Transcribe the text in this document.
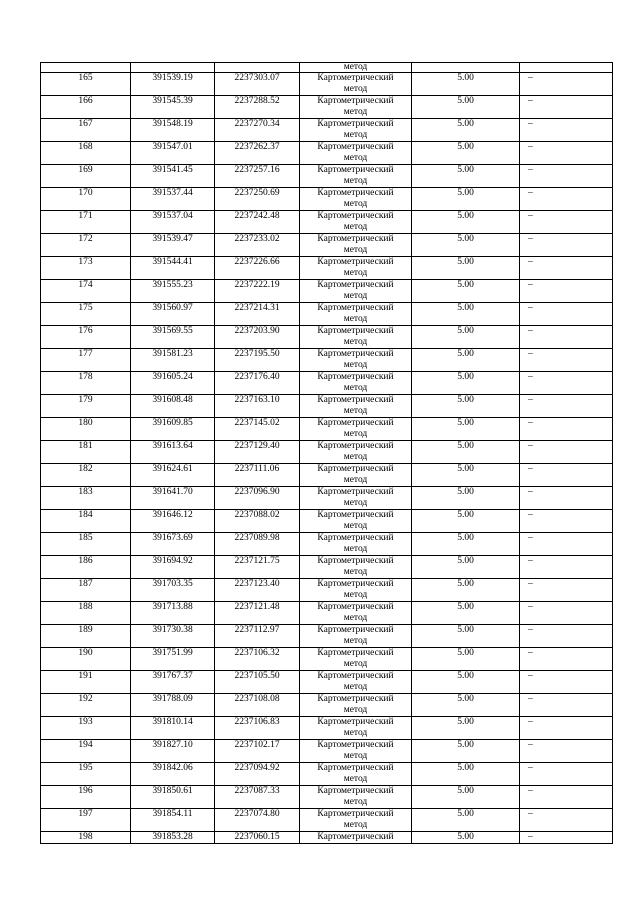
			метод		
165	391539.19	2237303.07	Картометрический
метод	5.00	–
166	391545.39	2237288.52	Картометрический
метод	5.00	–
167	391548.19	2237270.34	Картометрический
метод	5.00	–
168	391547.01	2237262.37	Картометрический
метод	5.00	–
169	391541.45	2237257.16	Картометрический
метод	5.00	–
170	391537.44	2237250.69	Картометрический
метод	5.00	–
171	391537.04	2237242.48	Картометрический
метод	5.00	–
172	391539.47	2237233.02	Картометрический
метод	5.00	–
173	391544.41	2237226.66	Картометрический
метод	5.00	–
174	391555.23	2237222.19	Картометрический
метод	5.00	–
175	391560.97	2237214.31	Картометрический
метод	5.00	–
176	391569.55	2237203.90	Картометрический
метод	5.00	–
177	391581.23	2237195.50	Картометрический
метод	5.00	–
178	391605.24	2237176.40	Картометрический
метод	5.00	–
179	391608.48	2237163.10	Картометрический
метод	5.00	–
180	391609.85	2237145.02	Картометрический
метод	5.00	–
181	391613.64	2237129.40	Картометрический
метод	5.00	–
182	391624.61	2237111.06	Картометрический
метод	5.00	–
183	391641.70	2237096.90	Картометрический
метод	5.00	–
184	391646.12	2237088.02	Картометрический
метод	5.00	–
185	391673.69	2237089.98	Картометрический
метод	5.00	–
186	391694.92	2237121.75	Картометрический
метод	5.00	–
187	391703.35	2237123.40	Картометрический
метод	5.00	–
188	391713.88	2237121.48	Картометрический
метод	5.00	–
189	391730.38	2237112.97	Картометрический
метод	5.00	–
190	391751.99	2237106.32	Картометрический
метод	5.00	–
191	391767.37	2237105.50	Картометрический
метод	5.00	–
192	391788.09	2237108.08	Картометрический
метод	5.00	–
193	391810.14	2237106.83	Картометрический
метод	5.00	–
194	391827.10	2237102.17	Картометрический
метод	5.00	–
195	391842.06	2237094.92	Картометрический
метод	5.00	–
196	391850.61	2237087.33	Картометрический
метод	5.00	–
197	391854.11	2237074.80	Картометрический
метод	5.00	–
198	391853.28	2237060.15	Картометрический	5.00	–
